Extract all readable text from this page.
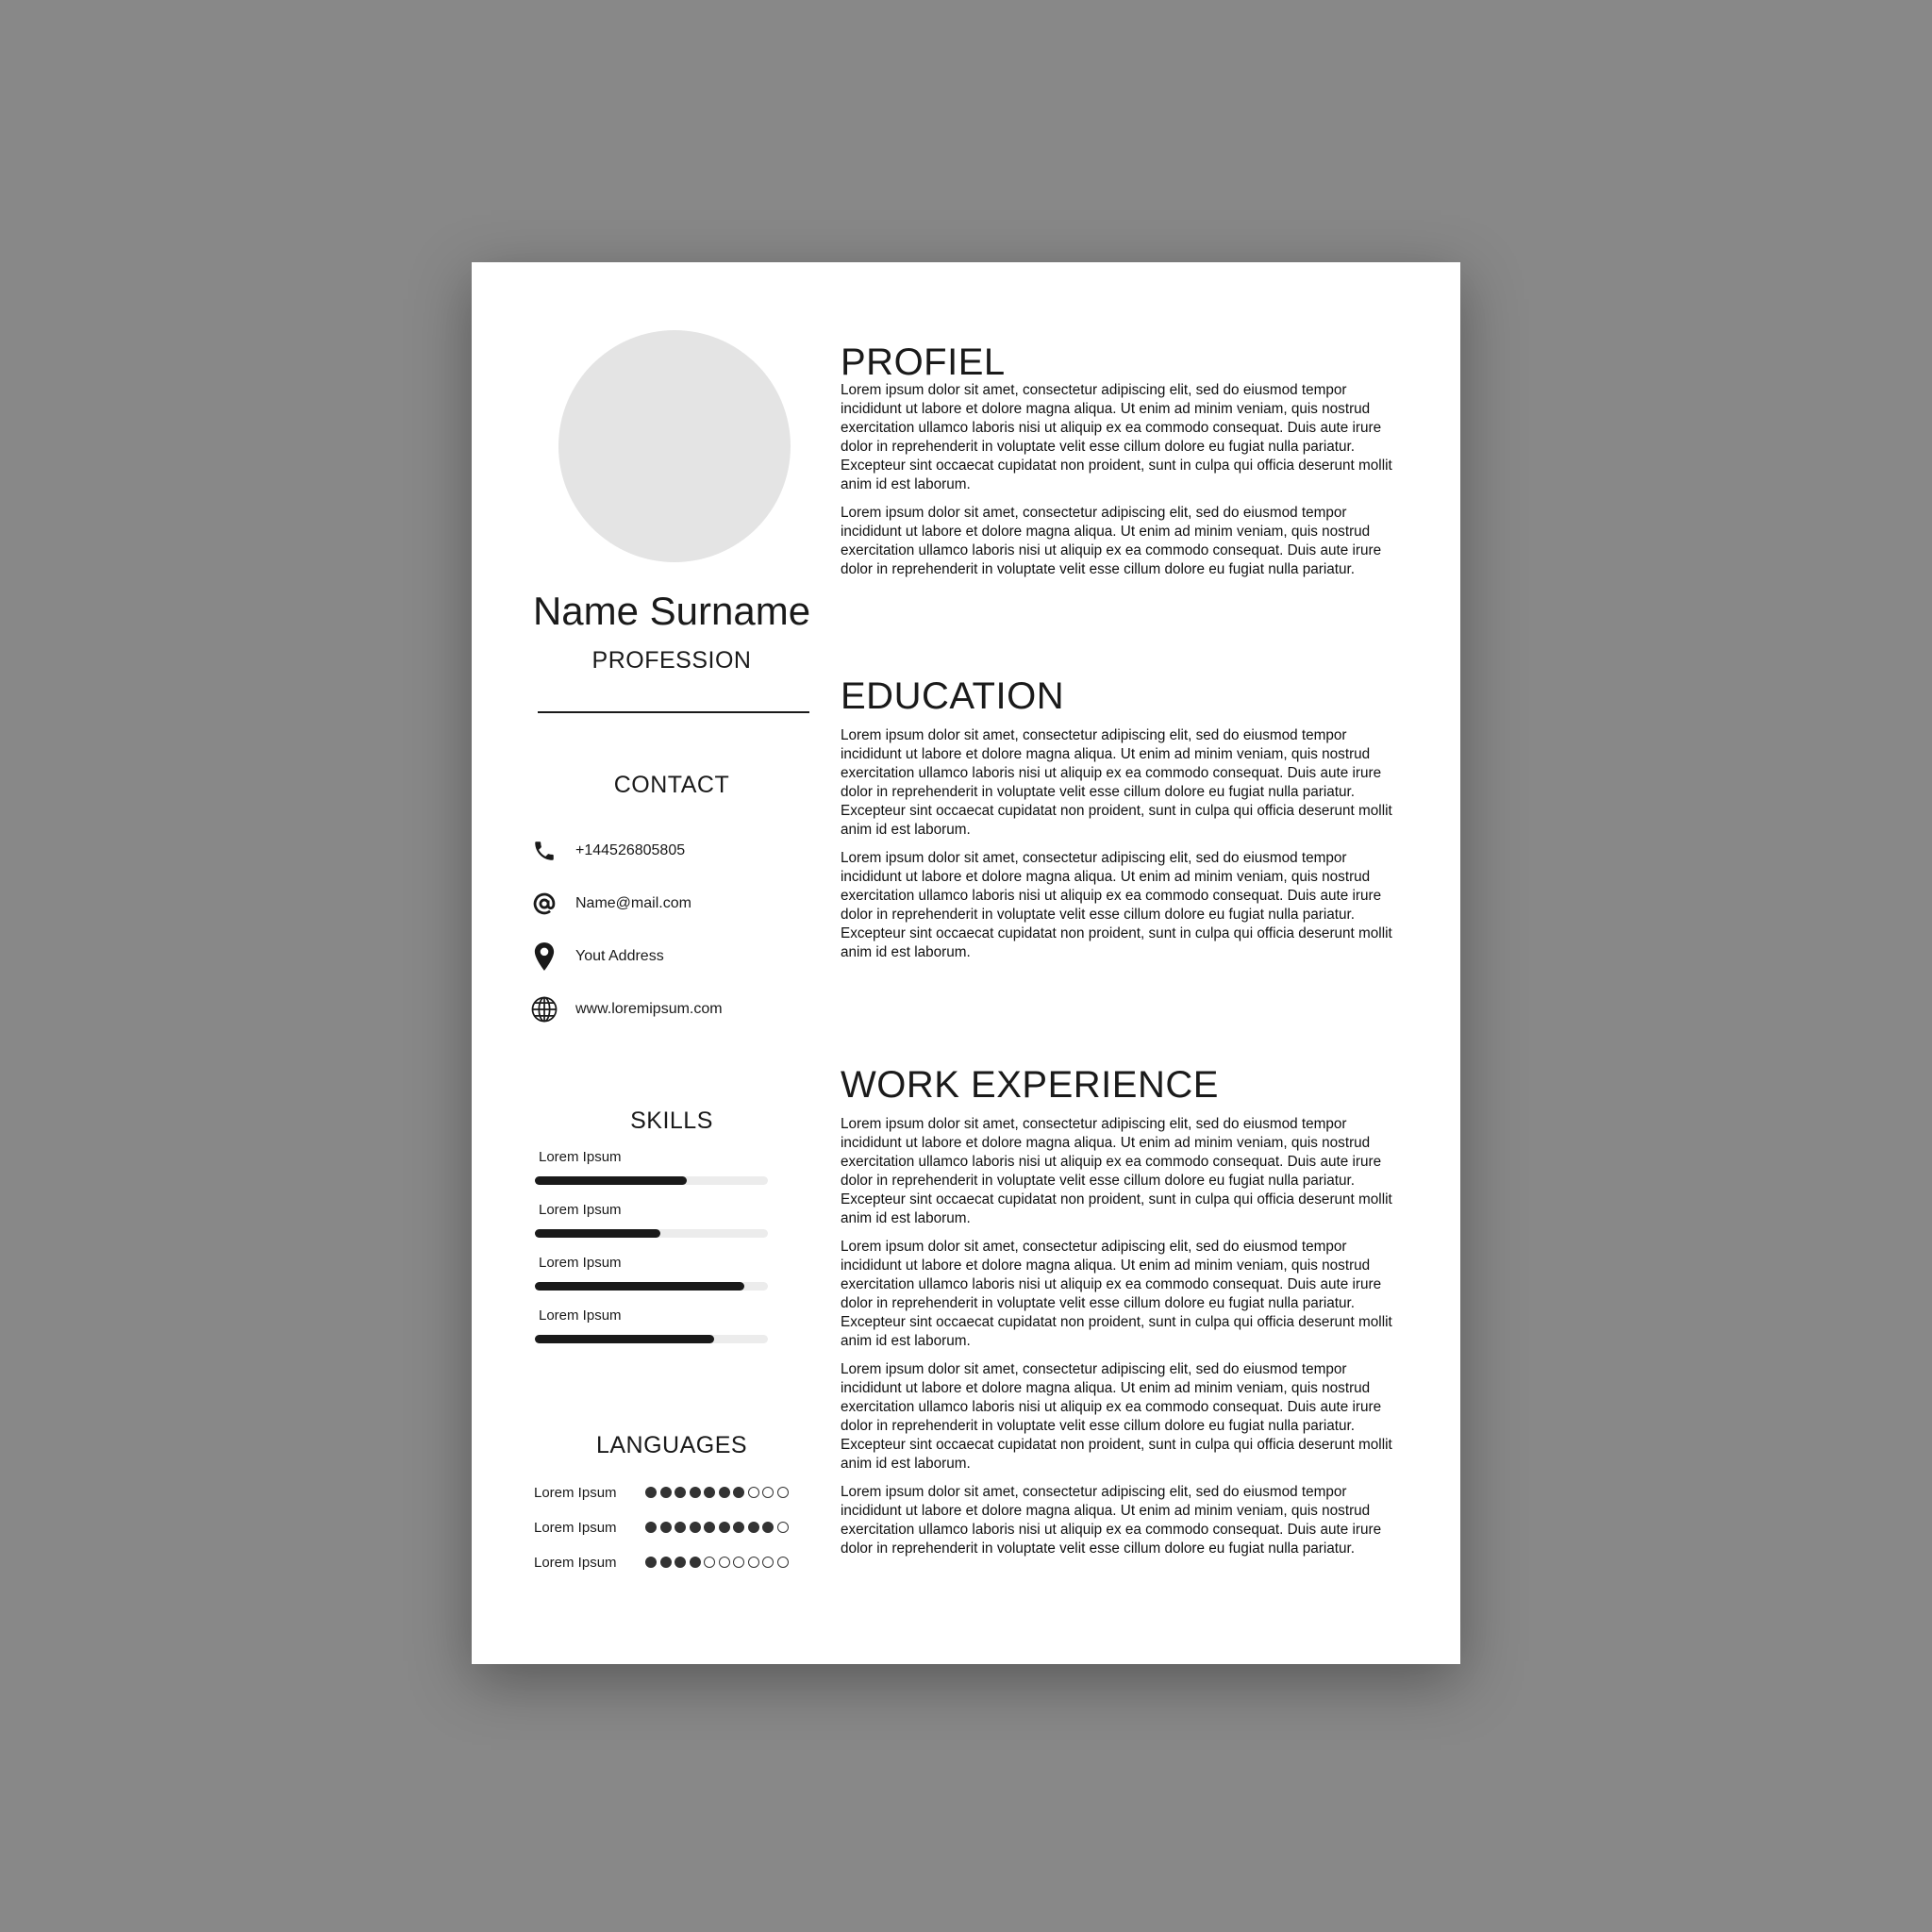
Name Surname
PROFESSION
CONTACT
+144526805805
Name@mail.com
Yout Address
www.loremipsum.com
SKILLS
Lorem Ipsum
Lorem Ipsum
Lorem Ipsum
Lorem Ipsum
LANGUAGES
Lorem Ipsum
Lorem Ipsum
Lorem Ipsum
PROFIEL

Lorem ipsum dolor sit amet, consectetur adipiscing elit, sed do eiusmod tempor incididunt ut labore et dolore magna aliqua. Ut enim ad minim veniam, quis nostrud exercitation ullamco laboris nisi ut aliquip ex ea commodo consequat. Duis aute irure dolor in reprehenderit in voluptate velit esse cillum dolore eu fugiat nulla pariatur. Excepteur sint occaecat cupidatat non proident, sunt in culpa qui officia deserunt mollit anim id est laborum.

Lorem ipsum dolor sit amet, consectetur adipiscing elit, sed do eiusmod tempor incididunt ut labore et dolore magna aliqua. Ut enim ad minim veniam, quis nostrud exercitation ullamco laboris nisi ut aliquip ex ea commodo consequat. Duis aute irure dolor in reprehenderit in voluptate velit esse cillum dolore eu fugiat nulla pariatur.

EDUCATION

Lorem ipsum dolor sit amet, consectetur adipiscing elit, sed do eiusmod tempor incididunt ut labore et dolore magna aliqua. Ut enim ad minim veniam, quis nostrud exercitation ullamco laboris nisi ut aliquip ex ea commodo consequat. Duis aute irure dolor in reprehenderit in voluptate velit esse cillum dolore eu fugiat nulla pariatur. Excepteur sint occaecat cupidatat non proident, sunt in culpa qui officia deserunt mollit anim id est laborum.

Lorem ipsum dolor sit amet, consectetur adipiscing elit, sed do eiusmod tempor incididunt ut labore et dolore magna aliqua. Ut enim ad minim veniam, quis nostrud exercitation ullamco laboris nisi ut aliquip ex ea commodo consequat. Duis aute irure dolor in reprehenderit in voluptate velit esse cillum dolore eu fugiat nulla pariatur. Excepteur sint occaecat cupidatat non proident, sunt in culpa qui officia deserunt mollit anim id est laborum.

WORK EXPERIENCE

Lorem ipsum dolor sit amet, consectetur adipiscing elit, sed do eiusmod tempor incididunt ut labore et dolore magna aliqua. Ut enim ad minim veniam, quis nostrud exercitation ullamco laboris nisi ut aliquip ex ea commodo consequat. Duis aute irure dolor in reprehenderit in voluptate velit esse cillum dolore eu fugiat nulla pariatur. Excepteur sint occaecat cupidatat non proident, sunt in culpa qui officia deserunt mollit anim id est laborum.

Lorem ipsum dolor sit amet, consectetur adipiscing elit, sed do eiusmod tempor incididunt ut labore et dolore magna aliqua. Ut enim ad minim veniam, quis nostrud exercitation ullamco laboris nisi ut aliquip ex ea commodo consequat. Duis aute irure dolor in reprehenderit in voluptate velit esse cillum dolore eu fugiat nulla pariatur. Excepteur sint occaecat cupidatat non proident, sunt in culpa qui officia deserunt mollit anim id est laborum.

Lorem ipsum dolor sit amet, consectetur adipiscing elit, sed do eiusmod tempor incididunt ut labore et dolore magna aliqua. Ut enim ad minim veniam, quis nostrud exercitation ullamco laboris nisi ut aliquip ex ea commodo consequat. Duis aute irure dolor in reprehenderit in voluptate velit esse cillum dolore eu fugiat nulla pariatur. Excepteur sint occaecat cupidatat non proident, sunt in culpa qui officia deserunt mollit anim id est laborum.

Lorem ipsum dolor sit amet, consectetur adipiscing elit, sed do eiusmod tempor incididunt ut labore et dolore magna aliqua. Ut enim ad minim veniam, quis nostrud exercitation ullamco laboris nisi ut aliquip ex ea commodo consequat. Duis aute irure dolor in reprehenderit in voluptate velit esse cillum dolore eu fugiat nulla pariatur.
